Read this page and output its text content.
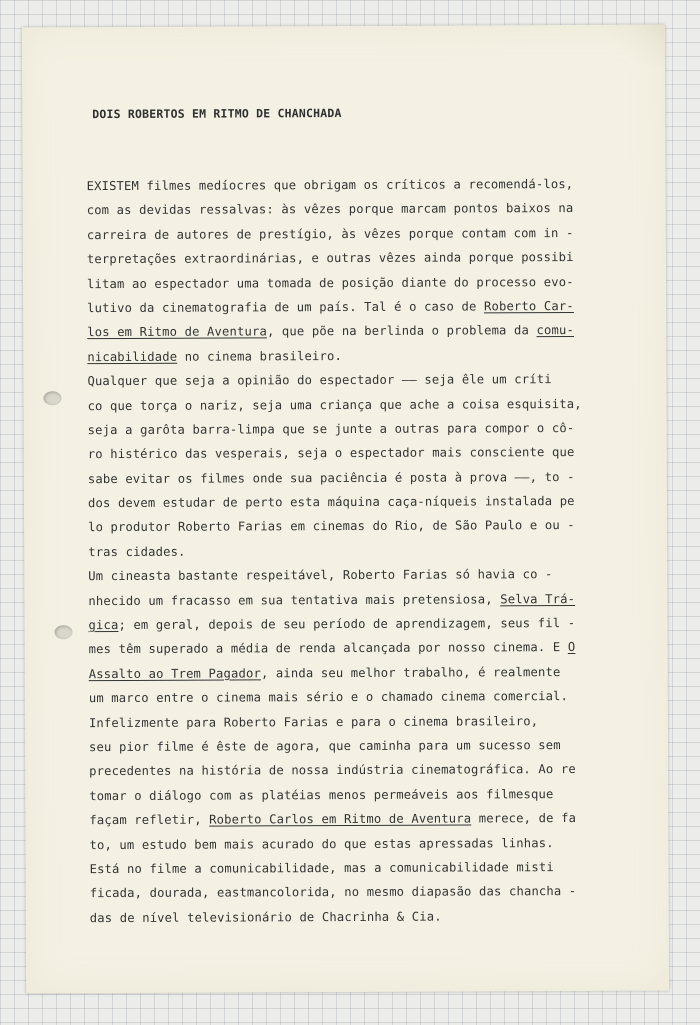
DOIS ROBERTOS EM RITMO DE CHANCHADA
EXISTEM filmes medíocres que obrigam os críticos a recomendá-los,
com as devidas ressalvas: às vêzes porque marcam pontos baixos na
carreira de autores de prestígio, às vêzes porque contam com in -
terpretações extraordinárias, e outras vêzes ainda porque possibi
litam ao espectador uma tomada de posição diante do processo evo-
lutivo da cinematografia de um país. Tal é o caso de Roberto Car-
los em Ritmo de Aventura, que põe na berlinda o problema da comu-
nicabilidade no cinema brasileiro.
Qualquer que seja a opinião do espectador —— seja êle um críti
co que torça o nariz, seja uma criança que ache a coisa esquisita,
seja a garôta barra-limpa que se junte a outras para compor o cô-
ro histérico das vesperais, seja o espectador mais consciente que
sabe evitar os filmes onde sua paciência é posta à prova ——, to -
dos devem estudar de perto esta máquina caça-níqueis instalada pe
lo produtor Roberto Farias em cinemas do Rio, de São Paulo e ou -
tras cidades.
Um cineasta bastante respeitável, Roberto Farias só havia co -
nhecido um fracasso em sua tentativa mais pretensiosa, Selva Trá-
gica; em geral, depois de seu período de aprendizagem, seus fil -
mes têm superado a média de renda alcançada por nosso cinema. E O
Assalto ao Trem Pagador, ainda seu melhor trabalho, é realmente
um marco entre o cinema mais sério e o chamado cinema comercial.
Infelizmente para Roberto Farias e para o cinema brasileiro,
seu pior filme é êste de agora, que caminha para um sucesso sem
precedentes na história de nossa indústria cinematográfica. Ao re
tomar o diálogo com as platéias menos permeáveis aos filmesque
façam refletir, Roberto Carlos em Ritmo de Aventura merece, de fa
to, um estudo bem mais acurado do que estas apressadas linhas.
Está no filme a comunicabilidade, mas a comunicabilidade misti
ficada, dourada, eastmancolorida, no mesmo diapasão das chancha -
das de nível televisionário de Chacrinha & Cia.
